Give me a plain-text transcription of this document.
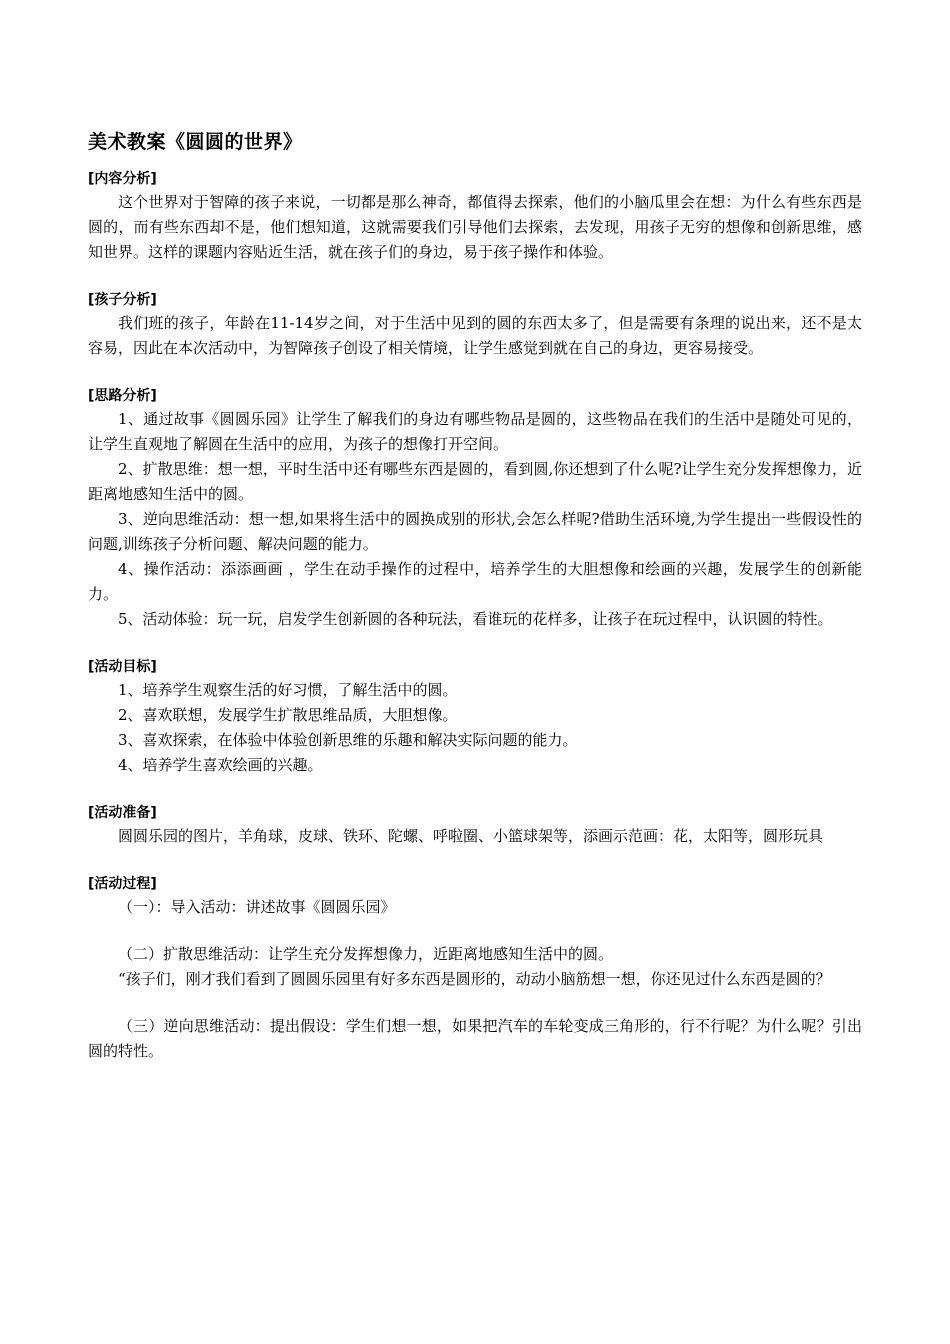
美术教案《圆圆的世界》

[内容分析]

这个世界对于智障的孩子来说，一切都是那么神奇，都值得去探索，他们的小脑瓜里会在想：为什么有些东西是圆的，而有些东西却不是，他们想知道，这就需要我们引导他们去探索，去发现，用孩子无穷的想像和创新思维，感知世界。这样的课题内容贴近生活，就在孩子们的身边，易于孩子操作和体验。

[孩子分析]

我们班的孩子，年龄在11-14岁之间，对于生活中见到的圆的东西太多了，但是需要有条理的说出来，还不是太容易，因此在本次活动中，为智障孩子创设了相关情境，让学生感觉到就在自己的身边，更容易接受。

[思路分析]

1、通过故事《圆圆乐园》让学生了解我们的身边有哪些物品是圆的，这些物品在我们的生活中是随处可见的，让学生直观地了解圆在生活中的应用，为孩子的想像打开空间。

2、扩散思维：想一想，平时生活中还有哪些东西是圆的，看到圆,你还想到了什么呢?让学生充分发挥想像力，近距离地感知生活中的圆。

3、逆向思维活动：想一想,如果将生活中的圆换成别的形状,会怎么样呢?借助生活环境,为学生提出一些假设性的问题,训练孩子分析问题、解决问题的能力。

4、操作活动：添添画画 ，学生在动手操作的过程中，培养学生的大胆想像和绘画的兴趣，发展学生的创新能力。

5、活动体验：玩一玩，启发学生创新圆的各种玩法，看谁玩的花样多，让孩子在玩过程中，认识圆的特性。

[活动目标]

1、培养学生观察生活的好习惯，了解生活中的圆。

2、喜欢联想，发展学生扩散思维品质，大胆想像。

3、喜欢探索，在体验中体验创新思维的乐趣和解决实际问题的能力。

4、培养学生喜欢绘画的兴趣。

[活动准备]

圆圆乐园的图片，羊角球，皮球、铁环、陀螺、呼啦圈、小篮球架等，添画示范画：花，太阳等，圆形玩具

[活动过程]

（一）：导入活动：讲述故事《圆圆乐园》

（二）扩散思维活动：让学生充分发挥想像力，近距离地感知生活中的圆。

“孩子们，刚才我们看到了圆圆乐园里有好多东西是圆形的，动动小脑筋想一想，你还见过什么东西是圆的？

（三）逆向思维活动：提出假设：学生们想一想，如果把汽车的车轮变成三角形的，行不行呢？为什么呢？引出圆的特性。
